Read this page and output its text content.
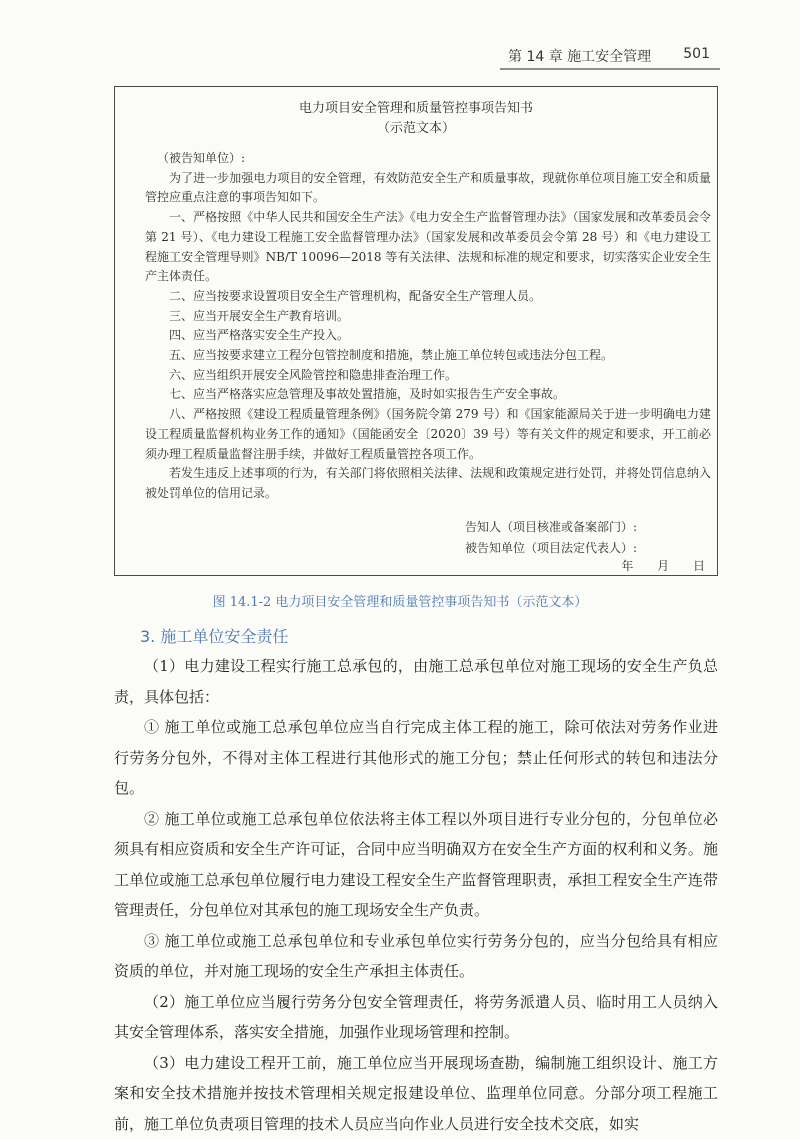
第 14 章 施工安全管理 501
电力项目安全管理和质量管控事项告知书
（示范文本）

（被告知单位）:

为了进一步加强电力项目的安全管理，有效防范安全生产和质量事故，现就你单位项目施工安全和质量管控应重点注意的事项告知如下。

一、严格按照《中华人民共和国安全生产法》《电力安全生产监督管理办法》（国家发展和改革委员会令第 21 号）、《电力建设工程施工安全监督管理办法》（国家发展和改革委员会令第 28 号）和《电力建设工程施工安全管理导则》NB/T 10096—2018 等有关法律、法规和标准的规定和要求，切实落实企业安全生产主体责任。

二、应当按要求设置项目安全生产管理机构，配备安全生产管理人员。

三、应当开展安全生产教育培训。

四、应当严格落实安全生产投入。

五、应当按要求建立工程分包管控制度和措施，禁止施工单位转包或违法分包工程。

六、应当组织开展安全风险管控和隐患排查治理工作。

七、应当严格落实应急管理及事故处置措施，及时如实报告生产安全事故。

八、严格按照《建设工程质量管理条例》（国务院令第 279 号）和《国家能源局关于进一步明确电力建设工程质量监督机构业务工作的通知》（国能函安全〔2020〕39 号）等有关文件的规定和要求，开工前必须办理工程质量监督注册手续，并做好工程质量管控各项工作。

若发生违反上述事项的行为，有关部门将依照相关法律、法规和政策规定进行处罚，并将处罚信息纳入被处罚单位的信用记录。

告知人（项目核准或备案部门）:
被告知单位（项目法定代表人）:
年 月 日
图 14.1-2 电力项目安全管理和质量管控事项告知书（示范文本）
3. 施工单位安全责任

（1）电力建设工程实行施工总承包的，由施工总承包单位对施工现场的安全生产负总责，具体包括：

① 施工单位或施工总承包单位应当自行完成主体工程的施工，除可依法对劳务作业进行劳务分包外，不得对主体工程进行其他形式的施工分包；禁止任何形式的转包和违法分包。

② 施工单位或施工总承包单位依法将主体工程以外项目进行专业分包的，分包单位必须具有相应资质和安全生产许可证，合同中应当明确双方在安全生产方面的权利和义务。施工单位或施工总承包单位履行电力建设工程安全生产监督管理职责，承担工程安全生产连带管理责任，分包单位对其承包的施工现场安全生产负责。

③ 施工单位或施工总承包单位和专业承包单位实行劳务分包的，应当分包给具有相应资质的单位，并对施工现场的安全生产承担主体责任。

（2）施工单位应当履行劳务分包安全管理责任，将劳务派遣人员、临时用工人员纳入其安全管理体系，落实安全措施，加强作业现场管理和控制。

（3）电力建设工程开工前，施工单位应当开展现场查勘，编制施工组织设计、施工方案和安全技术措施并按技术管理相关规定报建设单位、监理单位同意。分部分项工程施工前，施工单位负责项目管理的技术人员应当向作业人员进行安全技术交底，如实
